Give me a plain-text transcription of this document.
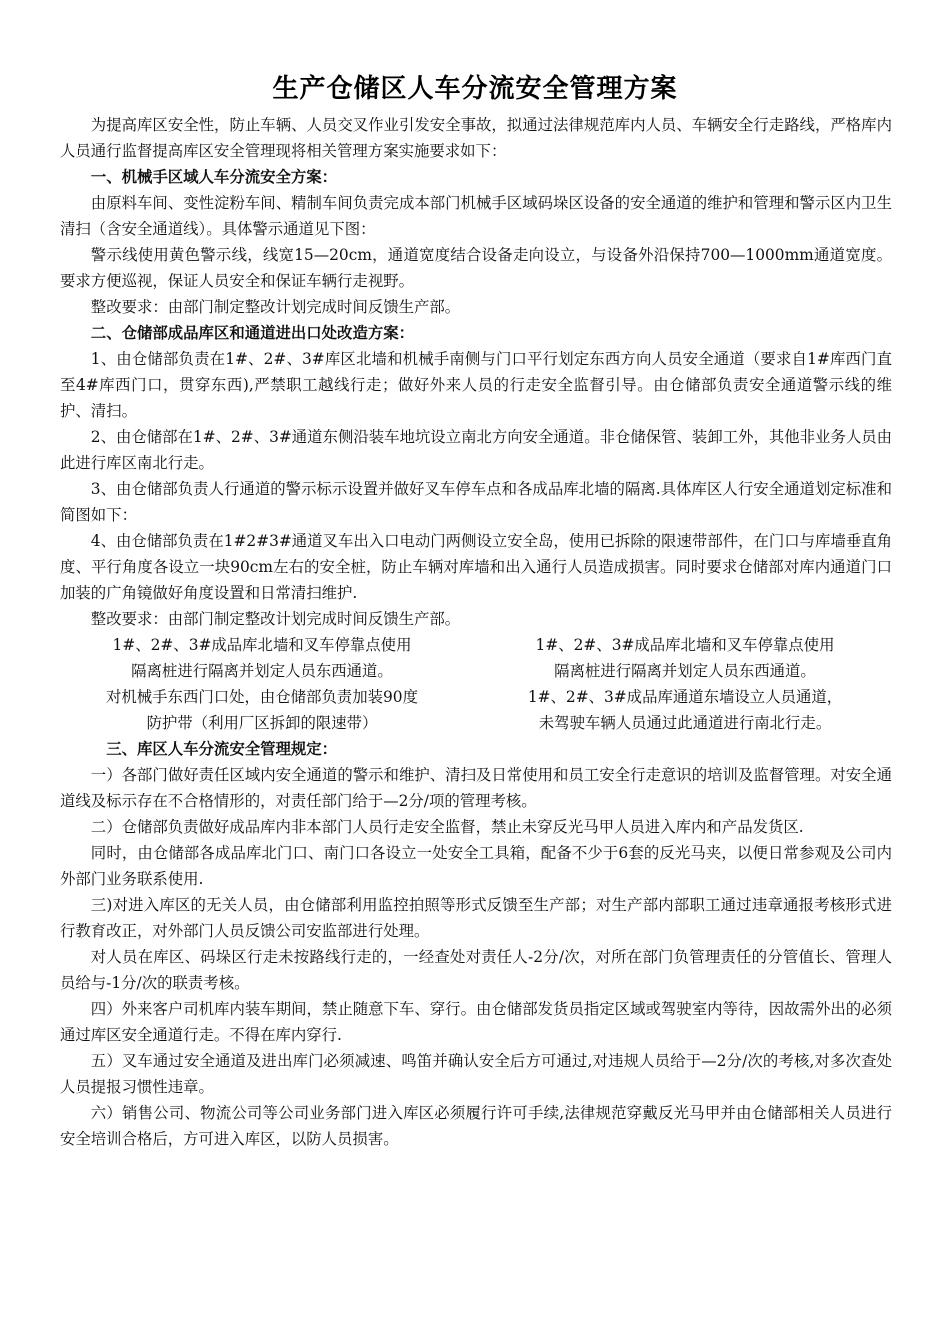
生产仓储区人车分流安全管理方案

为提高库区安全性，防止车辆、人员交叉作业引发安全事故，拟通过法律规范库内人员、车辆安全行走路线，严格库内人员通行监督提高库区安全管理现将相关管理方案实施要求如下：

一、机械手区域人车分流安全方案：

由原料车间、变性淀粉车间、精制车间负责完成本部门机械手区域码垛区设备的安全通道的维护和管理和警示区内卫生清扫（含安全通道线）。具体警示通道见下图：

警示线使用黄色警示线，线宽15—20cm，通道宽度结合设备走向设立，与设备外沿保持700—1000mm通道宽度。要求方便巡视，保证人员安全和保证车辆行走视野。

整改要求：由部门制定整改计划完成时间反馈生产部。

二、仓储部成品库区和通道进出口处改造方案：

1、由仓储部负责在1#、2#、3#库区北墙和机械手南侧与门口平行划定东西方向人员安全通道（要求自1#库西门直至4#库西门口，贯穿东西),严禁职工越线行走；做好外来人员的行走安全监督引导。由仓储部负责安全通道警示线的维护、清扫。

2、由仓储部在1#、2#、3#通道东侧沿装车地坑设立南北方向安全通道。非仓储保管、装卸工外，其他非业务人员由此进行库区南北行走。

3、由仓储部负责人行通道的警示标示设置并做好叉车停车点和各成品库北墙的隔离.具体库区人行安全通道划定标准和简图如下：

4、由仓储部负责在1#2#3#通道叉车出入口电动门两侧设立安全岛，使用已拆除的限速带部件，在门口与库墙垂直角度、平行角度各设立一块90cm左右的安全桩，防止车辆对库墙和出入通行人员造成损害。同时要求仓储部对库内通道门口加装的广角镜做好角度设置和日常清扫维护.

整改要求：由部门制定整改计划完成时间反馈生产部。

1#、2#、3#成品库北墙和叉车停靠点使用
隔离桩进行隔离并划定人员东西通道。
1#、2#、3#成品库北墙和叉车停靠点使用
隔离桩进行隔离并划定人员东西通道。
对机械手东西门口处，由仓储部负责加装90度
防护带（利用厂区拆卸的限速带）
1#、2#、3#成品库通道东墙设立人员通道，
未驾驶车辆人员通过此通道进行南北行走。

三、库区人车分流安全管理规定：

一）各部门做好责任区域内安全通道的警示和维护、清扫及日常使用和员工安全行走意识的培训及监督管理。对安全通道线及标示存在不合格情形的，对责任部门给于—2分/项的管理考核。

二）仓储部负责做好成品库内非本部门人员行走安全监督，禁止未穿反光马甲人员进入库内和产品发货区.

同时，由仓储部各成品库北门口、南门口各设立一处安全工具箱，配备不少于6套的反光马夹，以便日常参观及公司内外部门业务联系使用.

三)对进入库区的无关人员，由仓储部利用监控拍照等形式反馈至生产部；对生产部内部职工通过违章通报考核形式进行教育改正，对外部门人员反馈公司安监部进行处理。

对人员在库区、码垛区行走未按路线行走的，一经查处对责任人-2分/次，对所在部门负管理责任的分管值长、管理人员给与-1分/次的联责考核。

四）外来客户司机库内装车期间，禁止随意下车、穿行。由仓储部发货员指定区域或驾驶室内等待，因故需外出的必须通过库区安全通道行走。不得在库内穿行.

五）叉车通过安全通道及进出库门必须减速、鸣笛并确认安全后方可通过,对违规人员给于—2分/次的考核,对多次查处人员提报习惯性违章。

六）销售公司、物流公司等公司业务部门进入库区必须履行许可手续,法律规范穿戴反光马甲并由仓储部相关人员进行安全培训合格后，方可进入库区，以防人员损害。
